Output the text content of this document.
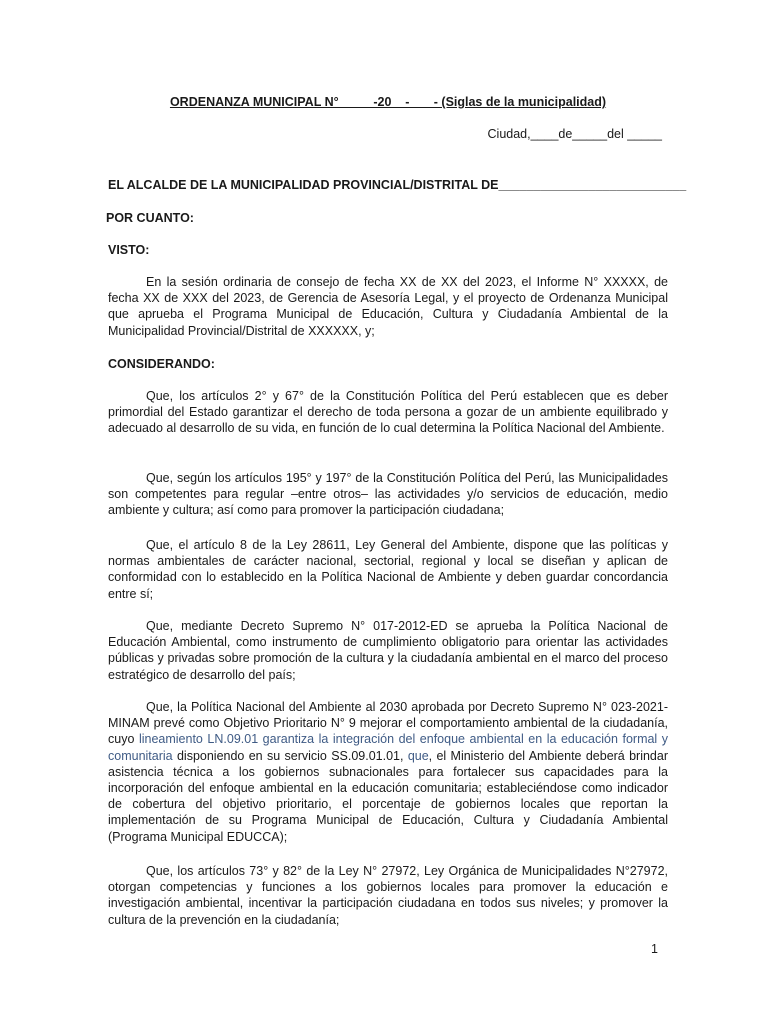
ORDENANZA MUNICIPAL N°          -20    -       - (Siglas de la municipalidad)
Ciudad,____de_____del _____
EL ALCALDE DE LA MUNICIPALIDAD PROVINCIAL/DISTRITAL DE___________________________
POR CUANTO:
VISTO:

En la sesión ordinaria de consejo de fecha XX de XX del 2023, el Informe N° XXXXX, de fecha XX de XXX del 2023, de Gerencia de Asesoría Legal, y el proyecto de Ordenanza Municipal que aprueba el Programa Municipal de Educación, Cultura y Ciudadanía Ambiental de la Municipalidad Provincial/Distrital de XXXXXX, y;

CONSIDERANDO:

Que, los artículos 2° y 67° de la Constitución Política del Perú establecen que es deber primordial del Estado garantizar el derecho de toda persona a gozar de un ambiente equilibrado y adecuado al desarrollo de su vida, en función de lo cual determina la Política Nacional del Ambiente.

Que, según los artículos 195° y 197° de la Constitución Política del Perú, las Municipalidades son competentes para regular –entre otros– las actividades y/o servicios de educación, medio ambiente y cultura; así como para promover la participación ciudadana;

Que, el artículo 8 de la Ley 28611, Ley General del Ambiente, dispone que las políticas y normas ambientales de carácter nacional, sectorial, regional y local se diseñan y aplican de conformidad con lo establecido en la Política Nacional de Ambiente y deben guardar concordancia entre sí;

Que, mediante Decreto Supremo N° 017-2012-ED se aprueba la Política Nacional de Educación Ambiental, como instrumento de cumplimiento obligatorio para orientar las actividades públicas y privadas sobre promoción de la cultura y la ciudadanía ambiental en el marco del proceso estratégico de desarrollo del país;

Que, la Política Nacional del Ambiente al 2030 aprobada por Decreto Supremo N° 023-2021-MINAM prevé como Objetivo Prioritario N° 9 mejorar el comportamiento ambiental de la ciudadanía, cuyo lineamiento LN.09.01 garantiza la integración del enfoque ambiental en la educación formal y comunitaria disponiendo en su servicio SS.09.01.01, que, el Ministerio del Ambiente deberá brindar asistencia técnica a los gobiernos subnacionales para fortalecer sus capacidades para la incorporación del enfoque ambiental en la educación comunitaria; estableciéndose como indicador de cobertura del objetivo prioritario, el porcentaje de gobiernos locales que reportan la implementación de su Programa Municipal de Educación, Cultura y Ciudadanía Ambiental (Programa Municipal EDUCCA);

Que, los artículos 73° y 82° de la Ley N° 27972, Ley Orgánica de Municipalidades N°27972, otorgan competencias y funciones a los gobiernos locales para promover la educación e investigación ambiental, incentivar la participación ciudadana en todos sus niveles; y promover la cultura de la prevención en la ciudadanía;

1
